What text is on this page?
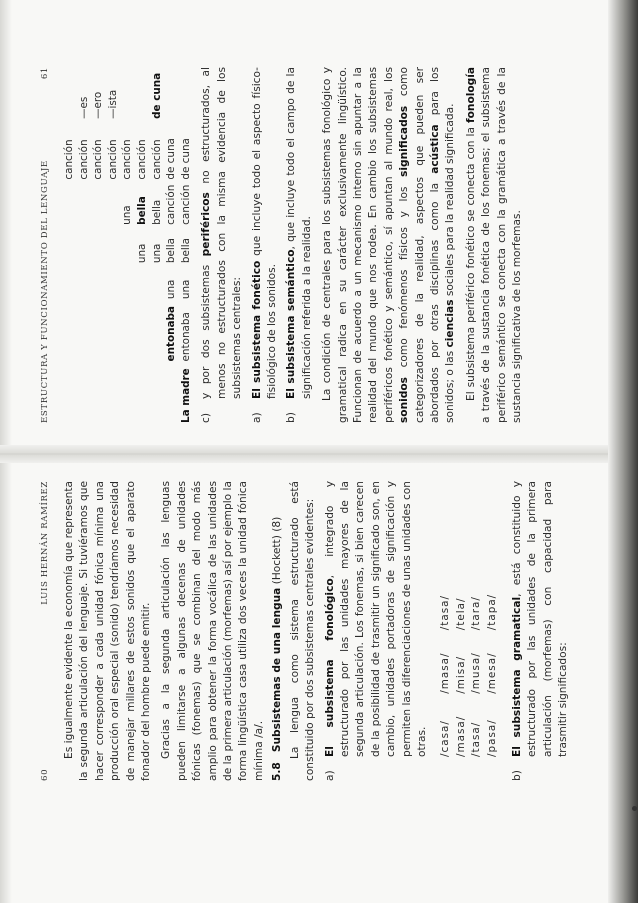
60
LUIS HERNÁN RAMÍREZ	Es igualmente evidente la economía que representa la segunda articulación del lenguaje. Si tuviéramos que hacer corresponder a cada unidad fónica mínima una producción oral especial (sonido) tendríamos necesidad de manejar millares de estos sonidos que el aparato fonador del hombre puede emitir. Gracias a la segunda articulación las lenguas pueden limitarse a algunas decenas de unidades fónicas (fonemas) que se combinan del modo más amplio para obtener la forma vocálica de las unidades de la primera articulación (morfemas) así por ejemplo la forma lingüística casa utiliza dos veces la unidad fónica mínima /a/. 5.8   Subsistemas de una lengua (Hockett) (8) La lengua como sistema estructurado está constituido por dos subsistemas centrales evidentes: a)
El subsistema fonológico, integrado y estructurado por las unidades mayores de la segunda articulación. Los fonemas, si bien carecen de la posibilidad de trasmitir un significado son, en cambio, unidades portadoras de significación y permiten las diferenciaciones de unas unidades con otras. /casa/	/masa/	/tasa/
/masa/	/misa/	/tela/
/tasa/	/musa/	/tara/
/pasa/	/mesa/	/tapa/
b)
El subsistema gramatical, está constituido y estructurado por las unidades de la primera articulación (morfemas) con capacidad para trasmitir significados:
ESTRUCTURA Y FUNCIONAMIENTO DEL LENGUAJE
61
					canción	
					canción	—es
					canción	—ero
					canción	—ista
				una	canción	
			una	bella	canción	
			una	bella	canción	de cuna
	entonaba	una	bella	canción	de cuna	
La madre	entonaba	una	bella	canción	de cuna	
c)
y por dos subsistemas periféricos no estructurados, al menos no estructurados con la misma evidencia de los subsistemas centrales:
a)
El subsistema fonético que incluye todo el aspecto físico-fisiológico de los sonidos.
b)
El subsistema semántico, que incluye todo el campo de la significación referida a la realidad. La condición de centrales para los subsistemas fonológico y gramatical radica en su carácter exclusivamente lingüístico. Funcionan de acuerdo a un mecanismo interno sin apuntar a la realidad del mundo que nos rodea. En cambio los subsistemas periféricos fonético y semántico, sí apuntan al mundo real, los sonidos como fenómenos físicos y los significados como categorizadores de la realidad, aspectos que pueden ser abordados por otras disciplinas como la acústica para los sonidos; o las ciencias sociales para la realidad significada. El subsistema periférico fonético se conecta con la fonología a través de la sustancia fonética de los fonemas; el subsistema periférico semántico se conecta con la gramática a través de la sustancia significativa de los morfemas.
